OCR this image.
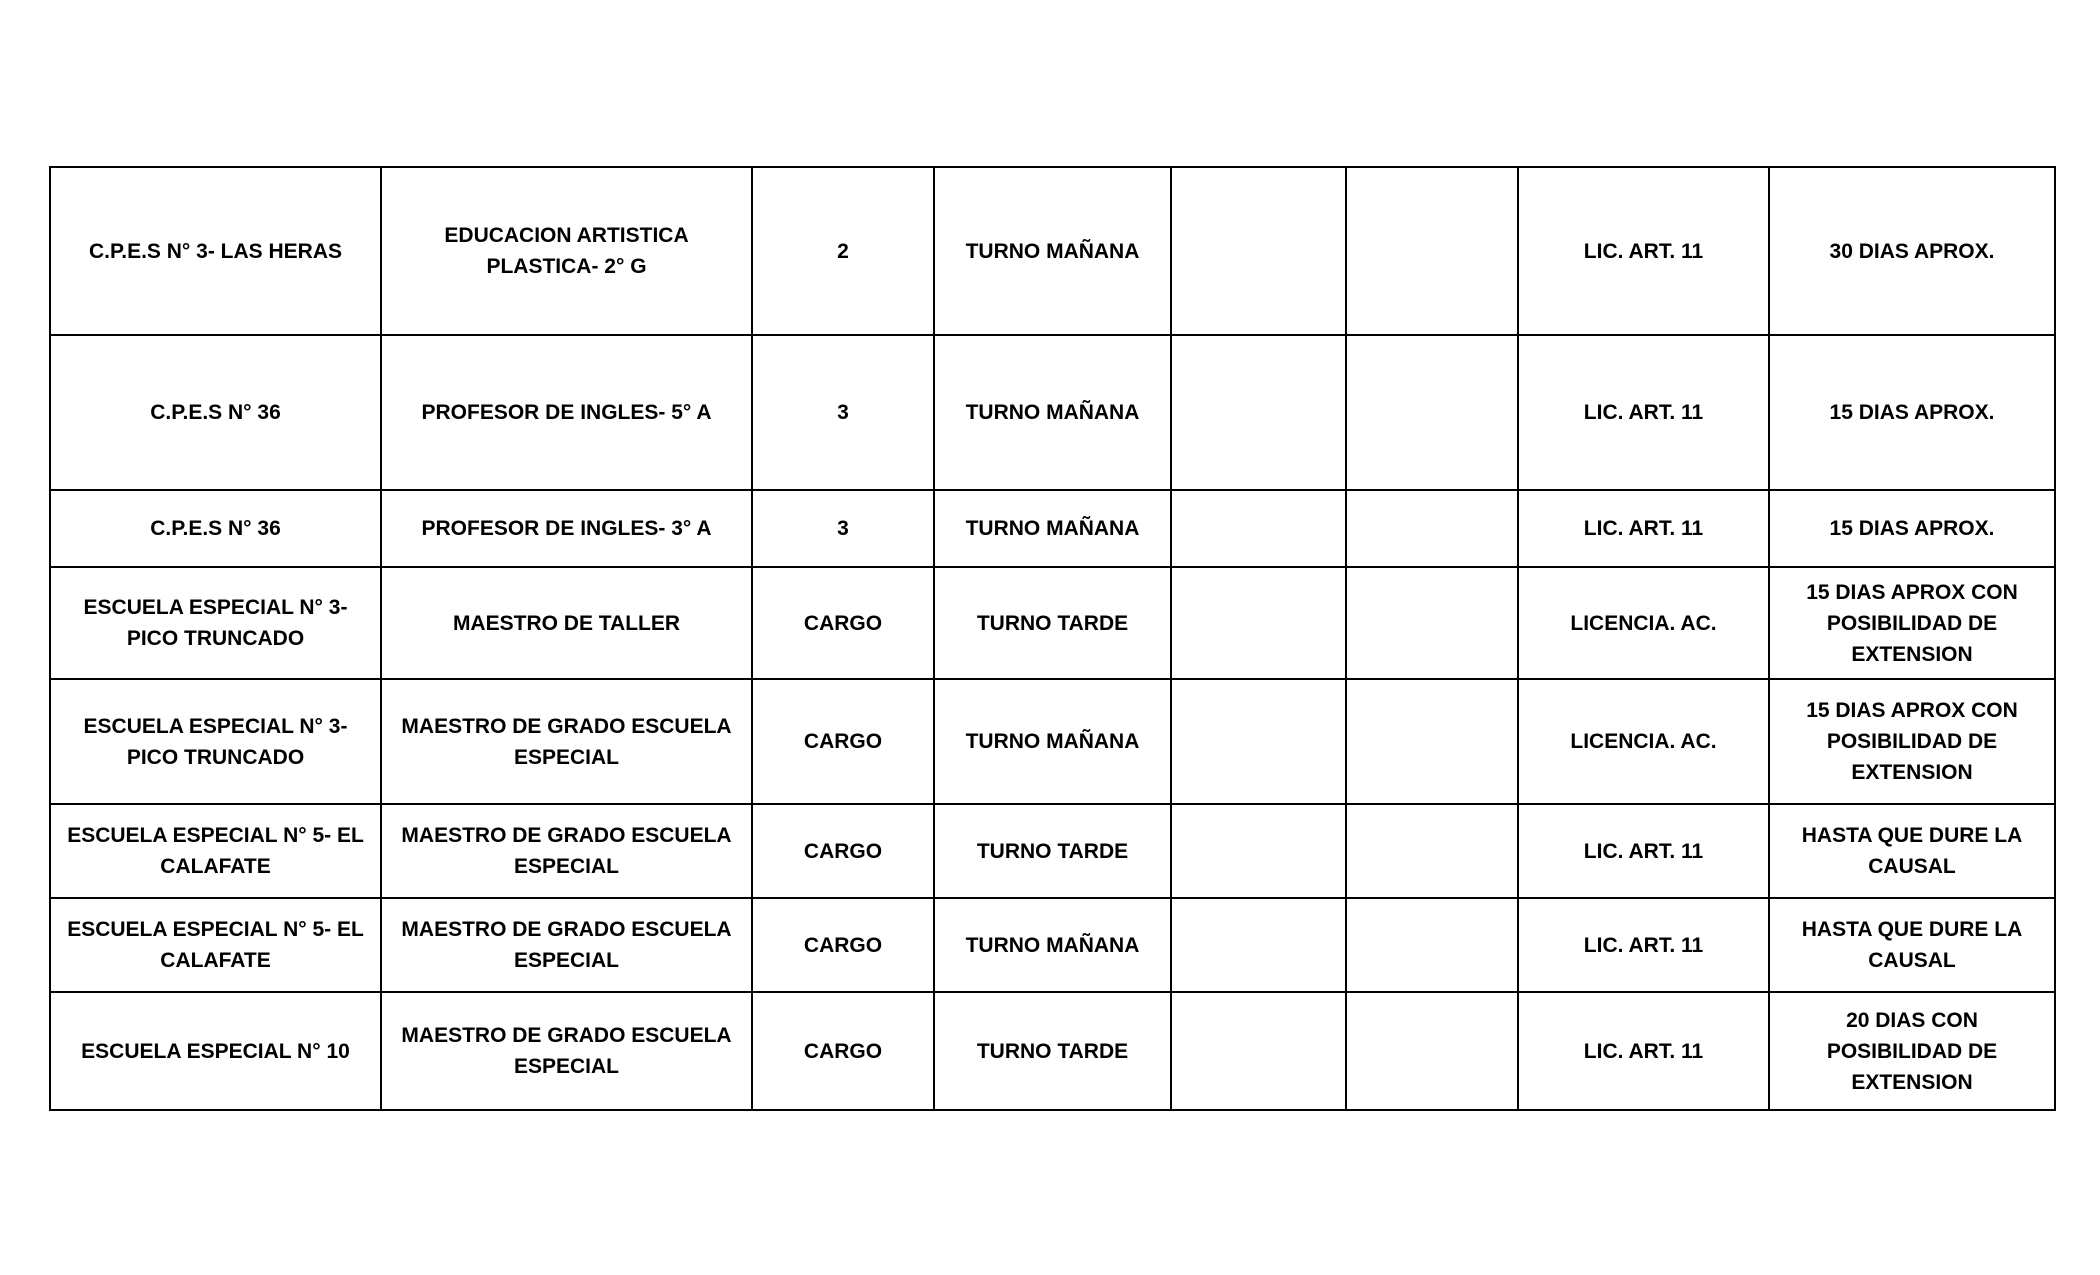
C.P.E.S N° 3- LAS HERAS	EDUCACION ARTISTICA PLASTICA- 2° G	2	TURNO MAÑANA			LIC. ART. 11	30 DIAS APROX.
C.P.E.S N° 36	PROFESOR DE INGLES- 5° A	3	TURNO MAÑANA			LIC. ART. 11	15 DIAS APROX.
C.P.E.S N° 36	PROFESOR DE INGLES- 3° A	3	TURNO MAÑANA			LIC. ART. 11	15 DIAS APROX.
ESCUELA ESPECIAL N° 3- PICO TRUNCADO	MAESTRO DE TALLER	CARGO	TURNO TARDE			LICENCIA. AC.	15 DIAS APROX CON POSIBILIDAD DE EXTENSION
ESCUELA ESPECIAL N° 3- PICO TRUNCADO	MAESTRO DE GRADO ESCUELA ESPECIAL	CARGO	TURNO MAÑANA			LICENCIA. AC.	15 DIAS APROX CON POSIBILIDAD DE EXTENSION
ESCUELA ESPECIAL N° 5- EL CALAFATE	MAESTRO DE GRADO ESCUELA ESPECIAL	CARGO	TURNO TARDE			LIC. ART. 11	HASTA QUE DURE LA CAUSAL
ESCUELA ESPECIAL N° 5- EL CALAFATE	MAESTRO DE GRADO ESCUELA ESPECIAL	CARGO	TURNO MAÑANA			LIC. ART. 11	HASTA QUE DURE LA CAUSAL
ESCUELA ESPECIAL N° 10	MAESTRO DE GRADO ESCUELA ESPECIAL	CARGO	TURNO TARDE			LIC. ART. 11	20 DIAS CON POSIBILIDAD DE EXTENSION
